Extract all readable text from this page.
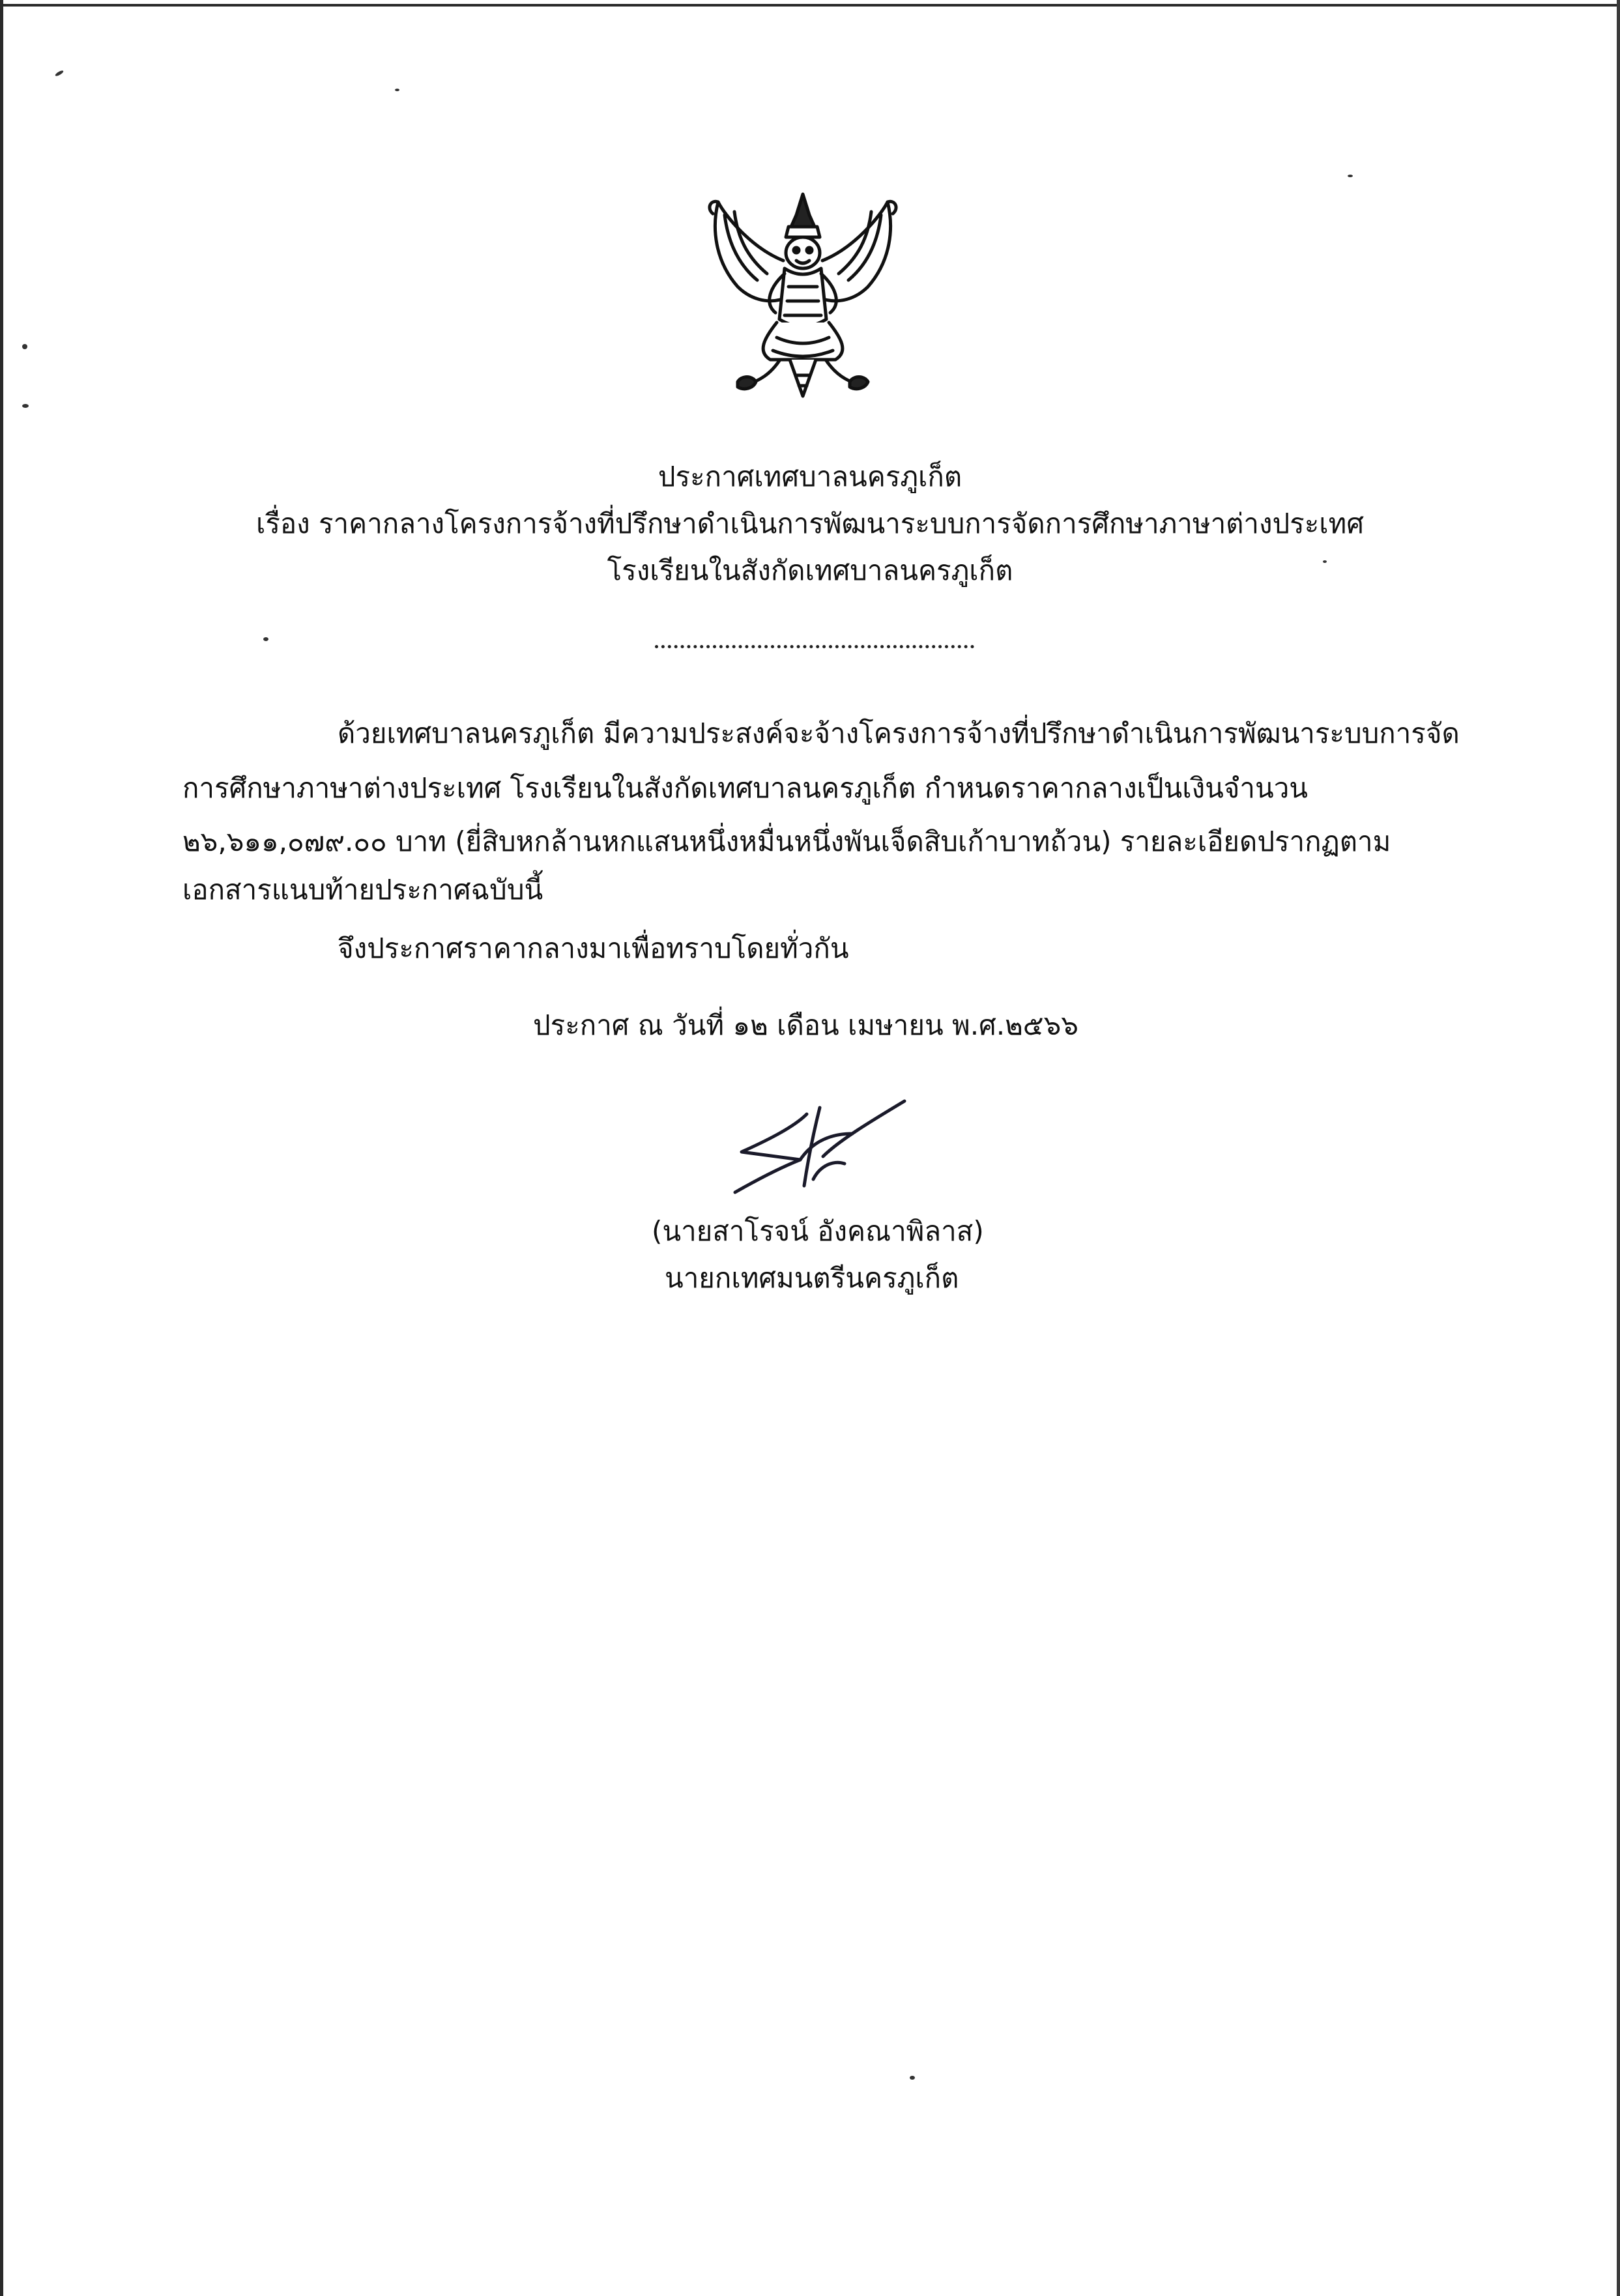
ประกาศเทศบาลนครภูเก็ต
เรื่อง ราคากลางโครงการจ้างที่ปรึกษาดำเนินการพัฒนาระบบการจัดการศึกษาภาษาต่างประเทศ
โรงเรียนในสังกัดเทศบาลนครภูเก็ต
ด้วยเทศบาลนครภูเก็ต มีความประสงค์จะจ้างโครงการจ้างที่ปรึกษาดำเนินการพัฒนาระบบการจัด
การศึกษาภาษาต่างประเทศ โรงเรียนในสังกัดเทศบาลนครภูเก็ต กำหนดราคากลางเป็นเงินจำนวน
๒๖,๖๑๑,๐๗๙.๐๐ บาท (ยี่สิบหกล้านหกแสนหนึ่งหมื่นหนึ่งพันเจ็ดสิบเก้าบาทถ้วน) รายละเอียดปรากฏตาม
เอกสารแนบท้ายประกาศฉบับนี้
จึงประกาศราคากลางมาเพื่อทราบโดยทั่วกัน
ประกาศ ณ วันที่ ๑๒ เดือน เมษายน พ.ศ.๒๕๖๖
(นายสาโรจน์ อังคณาพิลาส)
นายกเทศมนตรีนครภูเก็ต
